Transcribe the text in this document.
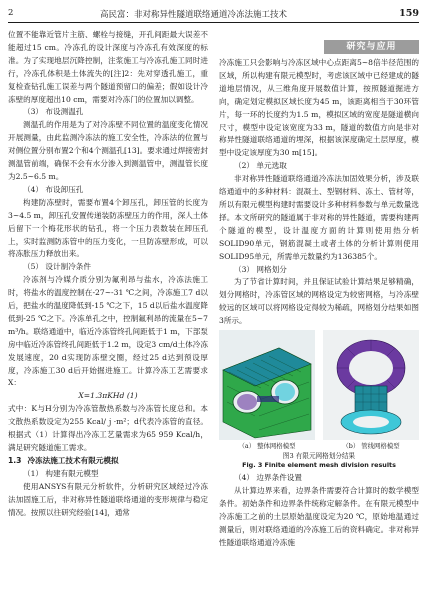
2	高民富：非对称异性隧道联络通道冷冻法施工技术	159
研究与应用

位置不能靠近管片主筋、螺栓与接缝，开孔间距最大误差不能超过15 cm。冷冻孔的设计深度与冷冻孔有效深度的标准。为了实现地层沉降控制，注浆施工与冷冻孔施工同时进行，冷冻孔体积是土体流失的[注]2：先对穿透孔施工，重复检查钻孔施工误差与两个隧道预留口的偏差；假如设计冷冻壁的厚度超出10 cm，需要对冷冻门的位置加以调整。

（3） 布设测温孔

测温孔的作用是为了对冷冻壁不同位置的温度变化情况开展测量，由此监测冷冻法的施工安全性，冷冻法的位置与对侧位置分别布置2个和4个测温孔[13]。要求通过焊接密封测温管前端，确保不会有水分渗入到测温管中，测温管长度为2.5~6.5 m。

（4） 布设卸压孔

构建防冻壁时，需要布置4个卸压孔，卸压管的长度为3~4.5 m，卸压孔安置传递装防冻壁压力的作用，深人土体后留下一个梅花形状的钻孔，将一个压力表数装在卸压孔上，实时监测防冻管中的压力变化，一旦防冻壁形成，可以将冻胀压力释放出来。

（5） 设计制冷条件

冷冻剂与冷媒介质分别为氟利昂与盐水，冷冻法施工时，将盐水的温度控制在-27~-31 ℃之间，冷冻施工7 d以后，把盐水的温度降低到-15 ℃之下，15 d以后盐水温度降低到-25 ℃之下。冷冻单孔之中，控制氟利昂的流量在5~7 m³/h。联络通道中，临近冷冻管终孔间距低于1 m，下部泵房中临近冷冻管终孔间距低于1.2 m，设定3 cm/d土体冷冻发展速度，20 d实现防冻壁交圈，经过25 d达到预设厚度，冷冻施工30 d后开始掘进施工。计算冷冻工艺需要求X：

X=1.3πKHd (1)

式中：K与H分别为冷冻管散热系数与冷冻管长度总和。本文散热系数设定为255 Kcal/ｊ·m²；d代表冷冻管的直径。根据式（1）计算得出冷冻工艺量需求为65 959 Kcal/h，满足研究隧道施工需求。

1.3 冷冻法施工技术有限元模拟

（1） 构建有限元模型

使用ANSYS有限元分析软件，分析研究区域经过冷冻法加固施工后，非对称异性隧道联络通道的变形规律与稳定情况。按照以往研究经验[14]，通常

冷冻施工只会影响与冷冻区域中心点距离5~8倍半径范围的区域，所以构建有限元模型时，考虑该区域中已经建成的隧道地层情况，从三维角度开展数值计算，按照隧道掘进方向，确定划定模拟区域长度为45 m，该距离相当于30环管片，每一环的长度约为1.5 m，模拟区域的宽度是隧道横向尺寸，模型中设定该宽度为33 m，隧道的数值方向是非对称异性隧道联络通道的埋深，根据该深度确定土层厚度，模型中设定该厚度为30 m[15]。

（2） 单元选取

非对称异性隧道联络通道冷冻法加固效果分析，涉及联络通道中的多种材料：混凝土、型钢材料、冻土、管材等，所以有限元模型构建时需要设计多种材料参数与单元数量选择。本文所研究的隧道属于非对称的异性隧道，需要构建两个隧道的模型，设计温度方面的计算则使用热分析SOLID90单元，钢筋混凝土或者土体的分析计算则使用SOLID95单元，所需单元数量约为136385个。

（3） 网格划分

为了节省计算时间，并且保证试验计算结果足够精确，划分网格时，冷冻管区域的网格设定为较密网格，与冷冻壁较远的区域可以将网格设定得较为稀疏，网格划分结果如图3所示。

（a） 整体网格模型	（b） 管线网格模型

图3 有限元网格划分结果

Fig. 3 Finite element mesh division results

（4） 边界条件设置

从计算边界来看，边界条件需要符合计算时的数学模型条件。初始条件和边界条件统称定解条件。在有限元模型中冷冻施工之前的土层原始温度设定为20 ℃，原始地温通过测量后，则对联络通道的冷冻施工后的资料确定。非对称异性隧道联络通道冷冻施
